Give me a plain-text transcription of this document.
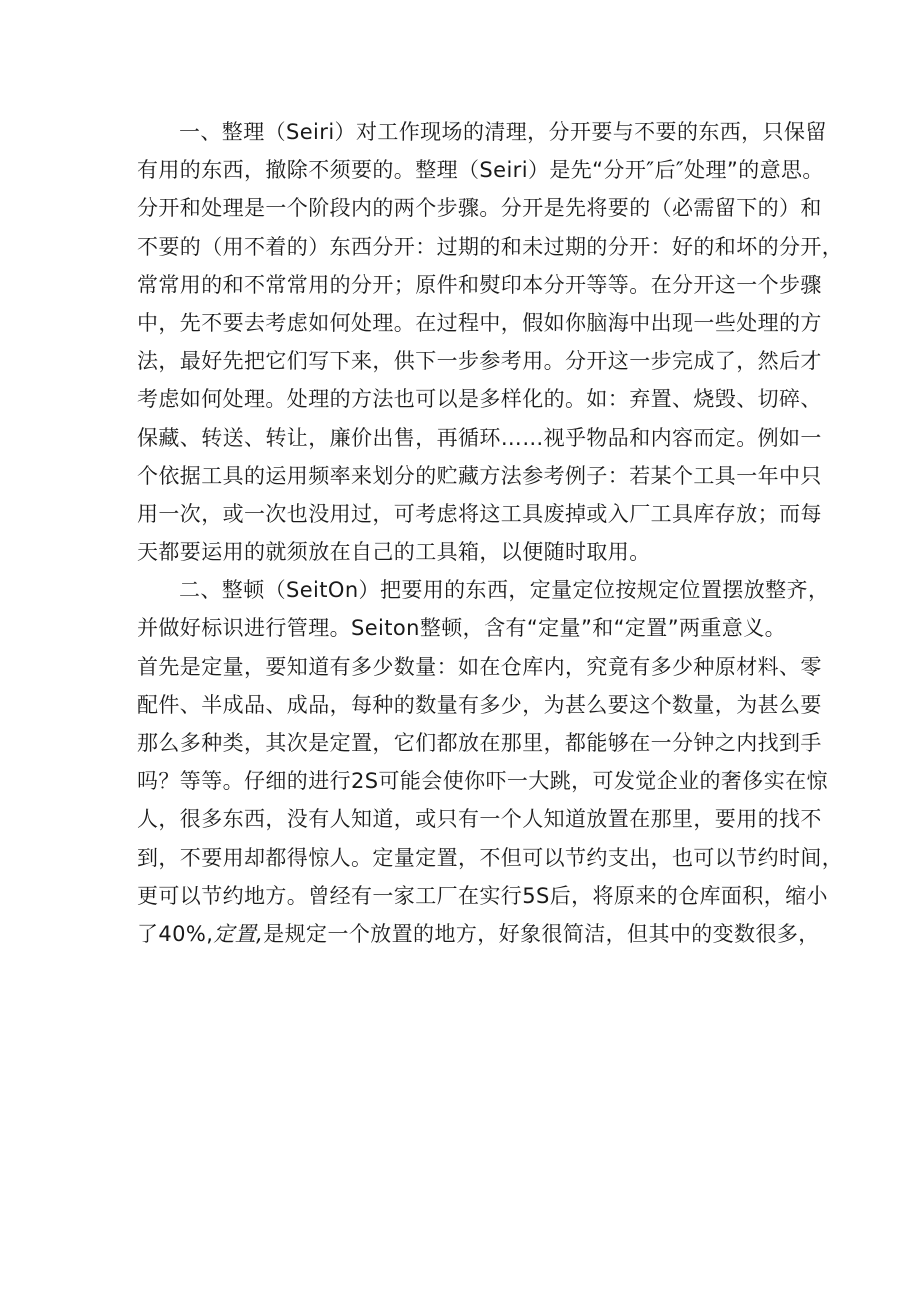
一、整理（Seiri）对工作现场的清理，分开要与不要的东西，只保留
有用的东西，撤除不须要的。整理（Seiri）是先“分开″后″处理”的意思。
分开和处理是一个阶段内的两个步骤。分开是先将要的（必需留下的）和
不要的（用不着的）东西分开：过期的和未过期的分开：好的和坏的分开，
常常用的和不常常用的分开；原件和熨印本分开等等。在分开这一个步骤
中，先不要去考虑如何处理。在过程中，假如你脑海中出现一些处理的方
法，最好先把它们写下来，供下一步参考用。分开这一步完成了，然后才
考虑如何处理。处理的方法也可以是多样化的。如：弃置、烧毁、切碎、
保藏、转送、转让，廉价出售，再循环……视乎物品和内容而定。例如一
个依据工具的运用频率来划分的贮藏方法参考例子：若某个工具一年中只
用一次，或一次也没用过，可考虑将这工具废掉或入厂工具库存放；而每
天都要运用的就须放在自己的工具箱，以便随时取用。
二、整顿（SeitOn）把要用的东西，定量定位按规定位置摆放整齐，
并做好标识进行管理。Seiton整顿，含有“定量”和“定置”两重意义。
首先是定量，要知道有多少数量：如在仓库内，究竟有多少种原材料、零
配件、半成品、成品，每种的数量有多少，为甚么要这个数量，为甚么要
那么多种类，其次是定置，它们都放在那里，都能够在一分钟之内找到手
吗？等等。仔细的进行2S可能会使你吓一大跳，可发觉企业的奢侈实在惊
人，很多东西，没有人知道，或只有一个人知道放置在那里，要用的找不
到，不要用却都得惊人。定量定置，不但可以节约支出，也可以节约时间，
更可以节约地方。曾经有一家工厂在实行5S后，将原来的仓库面积，缩小
了40%,定置,是规定一个放置的地方，好象很简洁，但其中的变数很多，
